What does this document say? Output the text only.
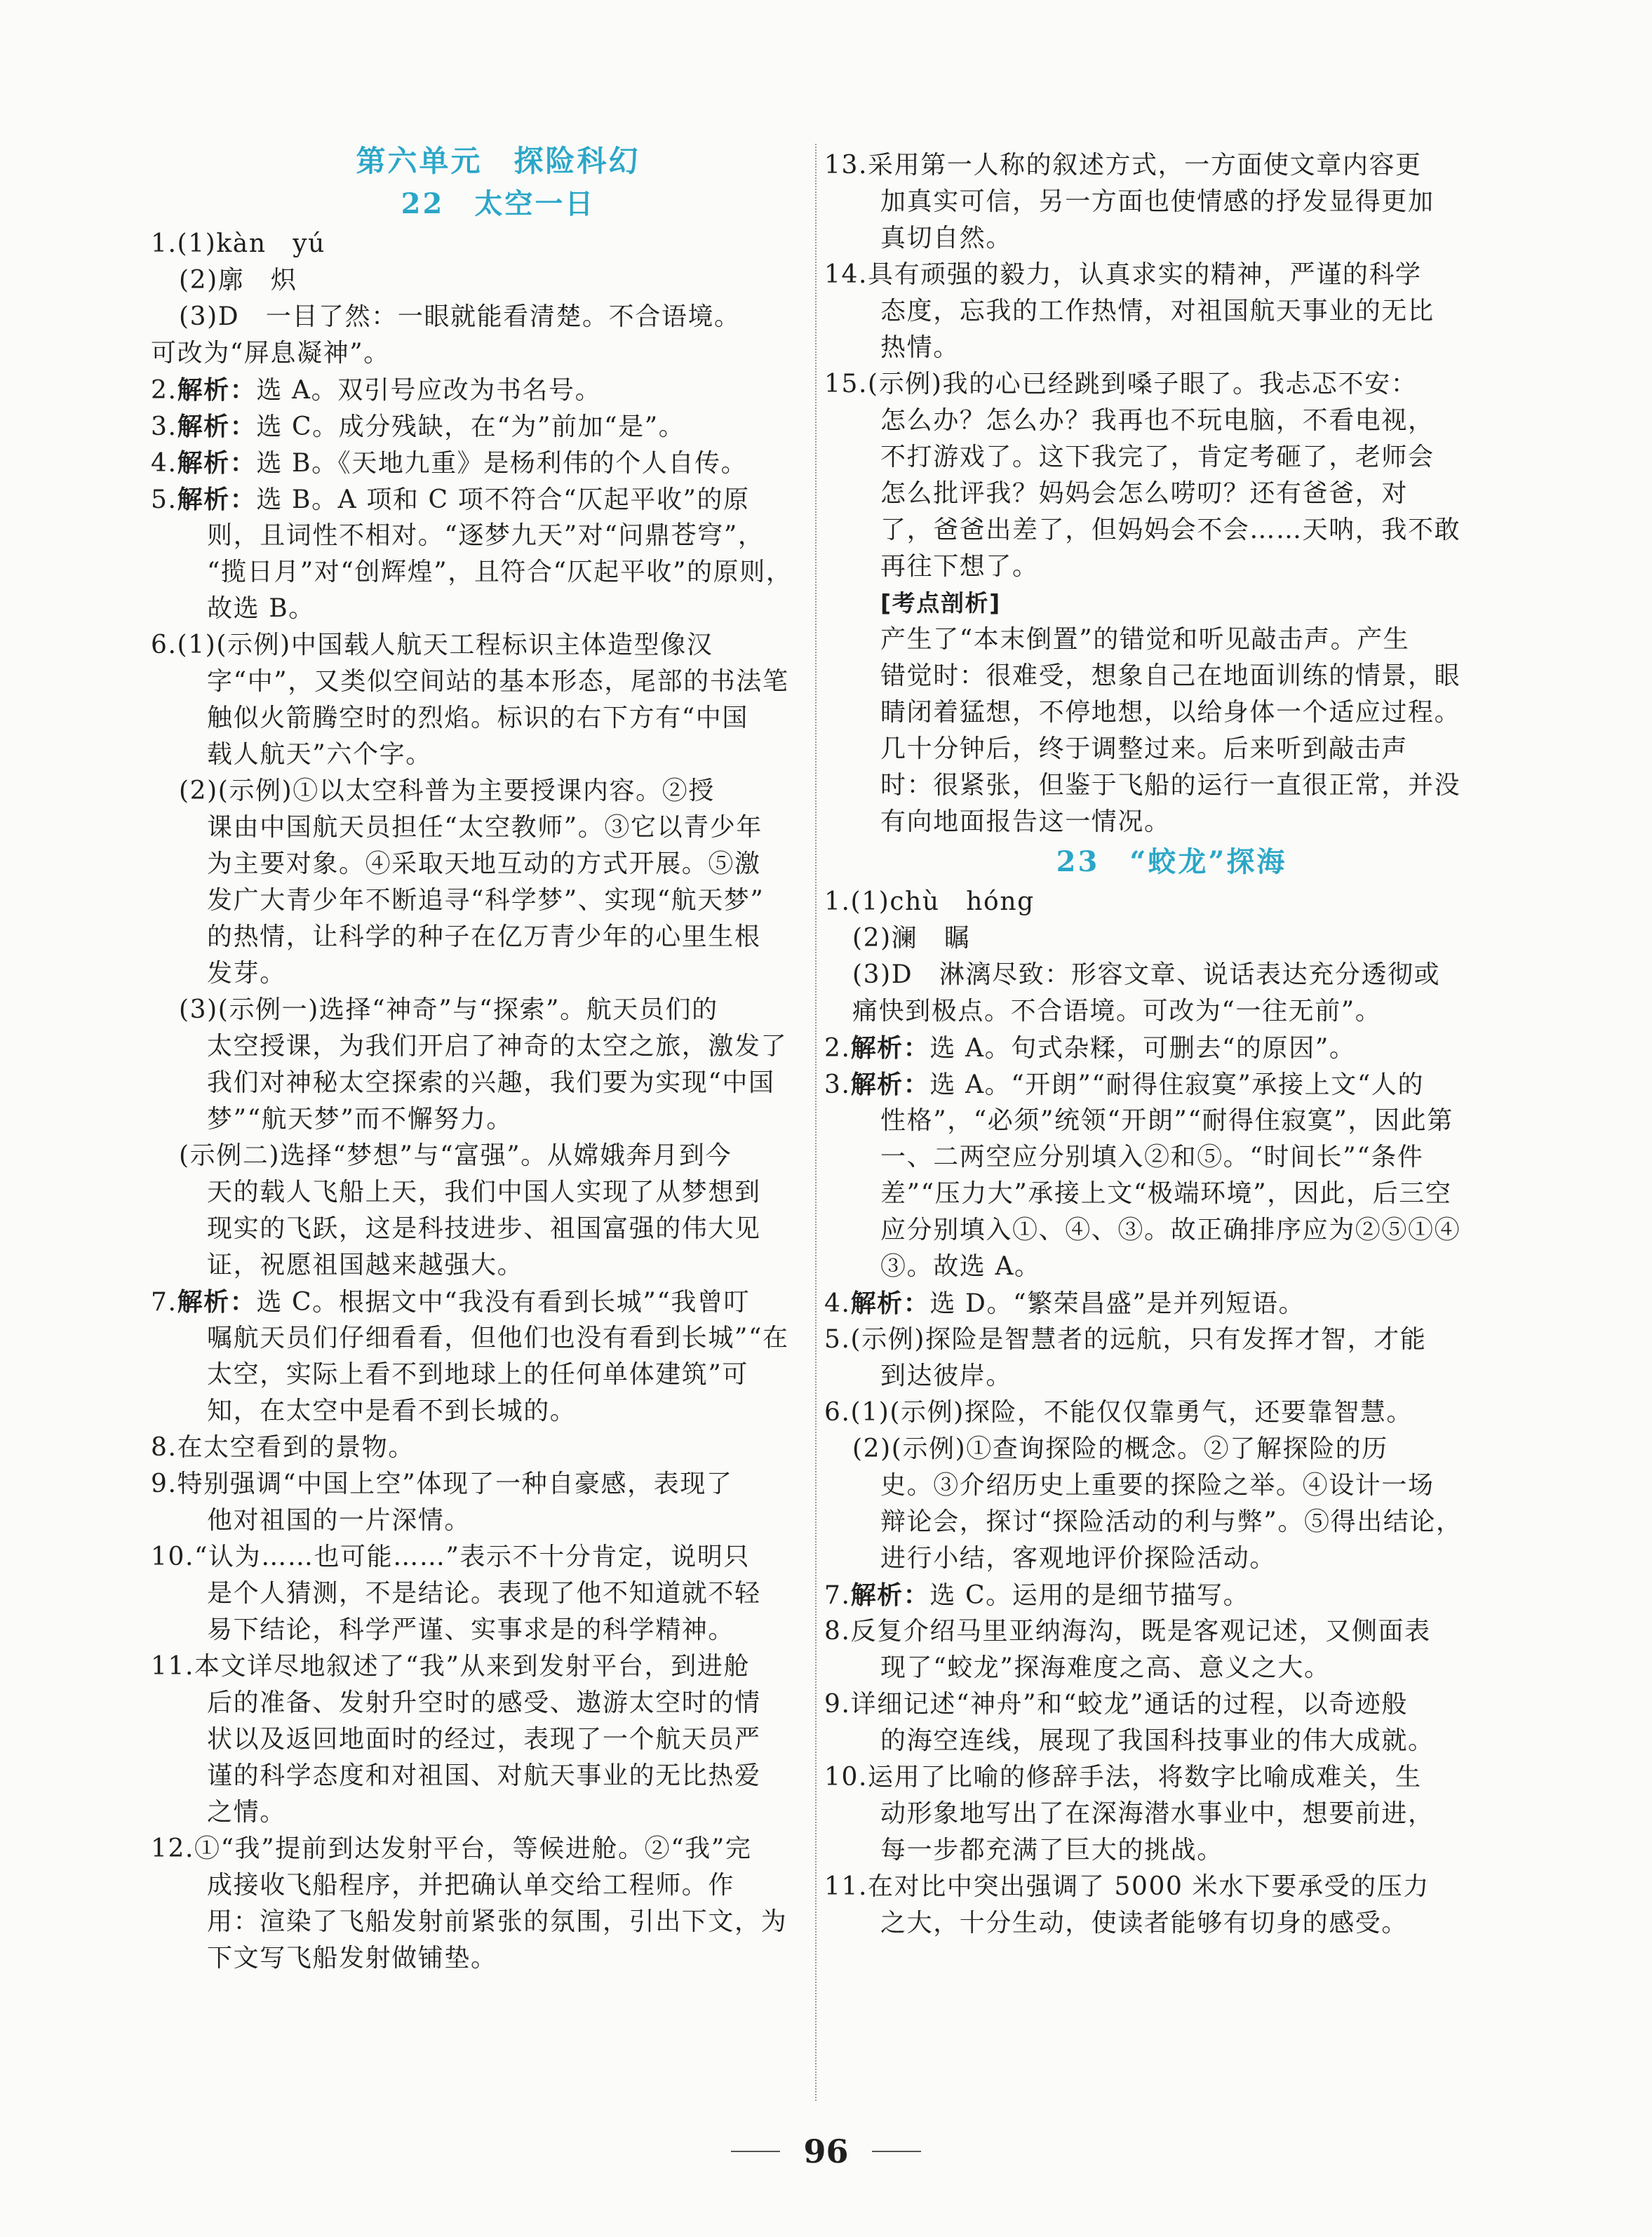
第六单元　探险科幻
22　太空一日
1.(1)kàn　yú
(2)廓　炽
(3)D　一目了然：一眼就能看清楚。不合语境。
可改为“屏息凝神”。
2.解析：选 A。双引号应改为书名号。
3.解析：选 C。成分残缺，在“为”前加“是”。
4.解析：选 B。《天地九重》是杨利伟的个人自传。
5.解析：选 B。A 项和 C 项不符合“仄起平收”的原
则，且词性不相对。“逐梦九天”对“问鼎苍穹”，
“揽日月”对“创辉煌”，且符合“仄起平收”的原则，
故选 B。
6.(1)(示例)中国载人航天工程标识主体造型像汉
字“中”，又类似空间站的基本形态，尾部的书法笔
触似火箭腾空时的烈焰。标识的右下方有“中国
载人航天”六个字。
(2)(示例)①以太空科普为主要授课内容。②授
课由中国航天员担任“太空教师”。③它以青少年
为主要对象。④采取天地互动的方式开展。⑤激
发广大青少年不断追寻“科学梦”、实现“航天梦”
的热情，让科学的种子在亿万青少年的心里生根
发芽。
(3)(示例一)选择“神奇”与“探索”。航天员们的
太空授课，为我们开启了神奇的太空之旅，激发了
我们对神秘太空探索的兴趣，我们要为实现“中国
梦”“航天梦”而不懈努力。
(示例二)选择“梦想”与“富强”。从嫦娥奔月到今
天的载人飞船上天，我们中国人实现了从梦想到
现实的飞跃，这是科技进步、祖国富强的伟大见
证，祝愿祖国越来越强大。
7.解析：选 C。根据文中“我没有看到长城”“我曾叮
嘱航天员们仔细看看，但他们也没有看到长城”“在
太空，实际上看不到地球上的任何单体建筑”可
知，在太空中是看不到长城的。
8.在太空看到的景物。
9.特别强调“中国上空”体现了一种自豪感，表现了
他对祖国的一片深情。
10.“认为……也可能……”表示不十分肯定，说明只
是个人猜测，不是结论。表现了他不知道就不轻
易下结论，科学严谨、实事求是的科学精神。
11.本文详尽地叙述了“我”从来到发射平台，到进舱
后的准备、发射升空时的感受、遨游太空时的情
状以及返回地面时的经过，表现了一个航天员严
谨的科学态度和对祖国、对航天事业的无比热爱
之情。
12.①“我”提前到达发射平台，等候进舱。②“我”完
成接收飞船程序，并把确认单交给工程师。作
用：渲染了飞船发射前紧张的氛围，引出下文，为
下文写飞船发射做铺垫。
13.采用第一人称的叙述方式，一方面使文章内容更
加真实可信，另一方面也使情感的抒发显得更加
真切自然。
14.具有顽强的毅力，认真求实的精神，严谨的科学
态度，忘我的工作热情，对祖国航天事业的无比
热情。
15.(示例)我的心已经跳到嗓子眼了。我忐忑不安：
怎么办？怎么办？我再也不玩电脑，不看电视，
不打游戏了。这下我完了，肯定考砸了，老师会
怎么批评我？妈妈会怎么唠叨？还有爸爸，对
了，爸爸出差了，但妈妈会不会……天呐，我不敢
再往下想了。
[考点剖析]
产生了“本末倒置”的错觉和听见敲击声。产生
错觉时：很难受，想象自己在地面训练的情景，眼
睛闭着猛想，不停地想，以给身体一个适应过程。
几十分钟后，终于调整过来。后来听到敲击声
时：很紧张，但鉴于飞船的运行一直很正常，并没
有向地面报告这一情况。
23　“蛟龙”探海
1.(1)chù　hóng
(2)澜　瞩
(3)D　淋漓尽致：形容文章、说话表达充分透彻或
痛快到极点。不合语境。可改为“一往无前”。
2.解析：选 A。句式杂糅，可删去“的原因”。
3.解析：选 A。“开朗”“耐得住寂寞”承接上文“人的
性格”，“必须”统领“开朗”“耐得住寂寞”，因此第
一、二两空应分别填入②和⑤。“时间长”“条件
差”“压力大”承接上文“极端环境”，因此，后三空
应分别填入①、④、③。故正确排序应为②⑤①④
③。故选 A。
4.解析：选 D。“繁荣昌盛”是并列短语。
5.(示例)探险是智慧者的远航，只有发挥才智，才能
到达彼岸。
6.(1)(示例)探险，不能仅仅靠勇气，还要靠智慧。
(2)(示例)①查询探险的概念。②了解探险的历
史。③介绍历史上重要的探险之举。④设计一场
辩论会，探讨“探险活动的利与弊”。⑤得出结论，
进行小结，客观地评价探险活动。
7.解析：选 C。运用的是细节描写。
8.反复介绍马里亚纳海沟，既是客观记述，又侧面表
现了“蛟龙”探海难度之高、意义之大。
9.详细记述“神舟”和“蛟龙”通话的过程，以奇迹般
的海空连线，展现了我国科技事业的伟大成就。
10.运用了比喻的修辞手法，将数字比喻成难关，生
动形象地写出了在深海潜水事业中，想要前进，
每一步都充满了巨大的挑战。
11.在对比中突出强调了 5000 米水下要承受的压力
之大，十分生动，使读者能够有切身的感受。
96
